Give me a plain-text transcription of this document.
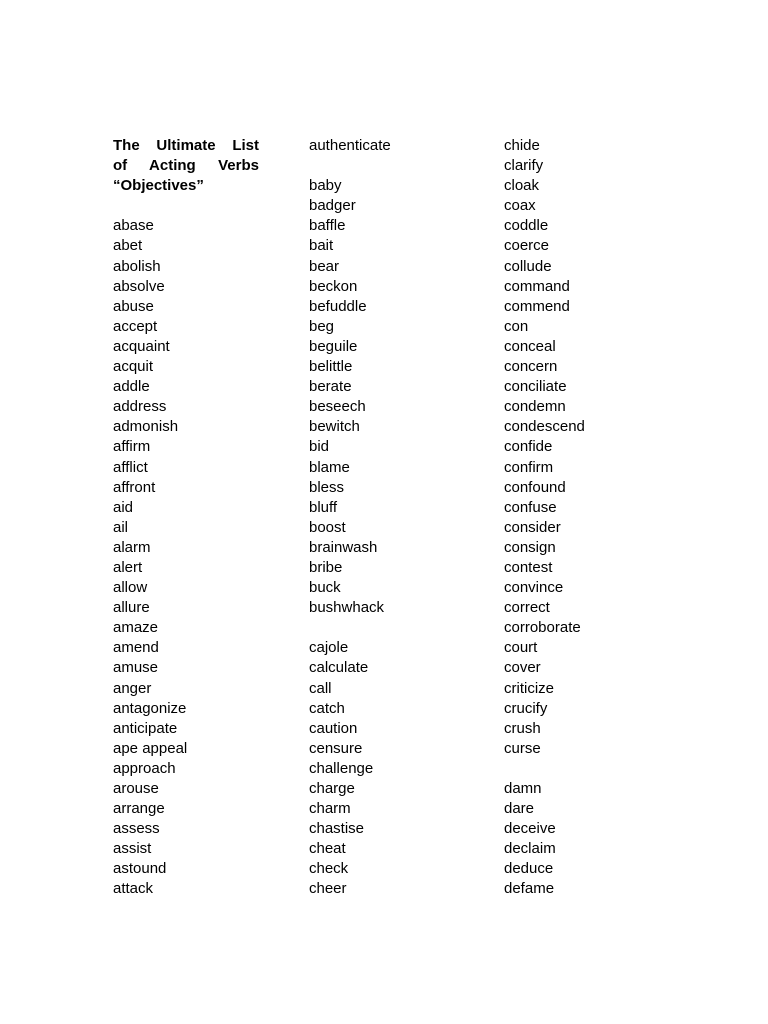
The Ultimate List
of Acting Verbs
“Objectives”
abase
abet
abolish
absolve
abuse
accept
acquaint
acquit
addle
address
admonish
affirm
afflict
affront
aid
ail
alarm
alert
allow
allure
amaze
amend
amuse
anger
antagonize
anticipate
ape appeal
approach
arouse
arrange
assess
assist
astound
attack
authenticate
baby
badger
baffle
bait
bear
beckon
befuddle
beg
beguile
belittle
berate
beseech
bewitch
bid
blame
bless
bluff
boost
brainwash
bribe
buck
bushwhack
cajole
calculate
call
catch
caution
censure
challenge
charge
charm
chastise
cheat
check
cheer
chide
clarify
cloak
coax
coddle
coerce
collude
command
commend
con
conceal
concern
conciliate
condemn
condescend
confide
confirm
confound
confuse
consider
consign
contest
convince
correct
corroborate
court
cover
criticize
crucify
crush
curse
damn
dare
deceive
declaim
deduce
defame
